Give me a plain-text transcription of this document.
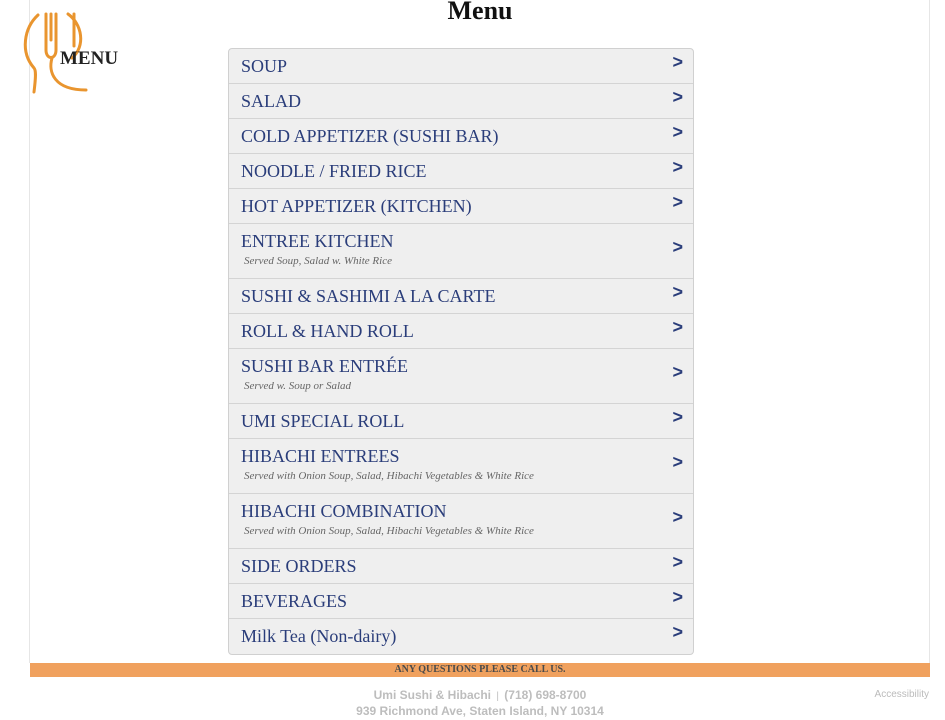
MENU
Menu
SOUP	>
SALAD	>
COLD APPETIZER (SUSHI BAR)	>
NOODLE / FRIED RICE	>
HOT APPETIZER (KITCHEN)	>
ENTREE KITCHEN
Served Soup, Salad w. White Rice
>
SUSHI & SASHIMI A LA CARTE	>
ROLL & HAND ROLL	>
SUSHI BAR ENTRÉE
Served w. Soup or Salad
>
UMI SPECIAL ROLL	>
HIBACHI ENTREES
Served with Onion Soup, Salad, Hibachi Vegetables & White Rice
>
HIBACHI COMBINATION
Served with Onion Soup, Salad, Hibachi Vegetables & White Rice
>
SIDE ORDERS	>
BEVERAGES	>
Milk Tea (Non-dairy)	>
ANY QUESTIONS PLEASE CALL US.
Umi Sushi & Hibachi | (718) 698-8700
939 Richmond Ave, Staten Island, NY 10314
Accessibility
